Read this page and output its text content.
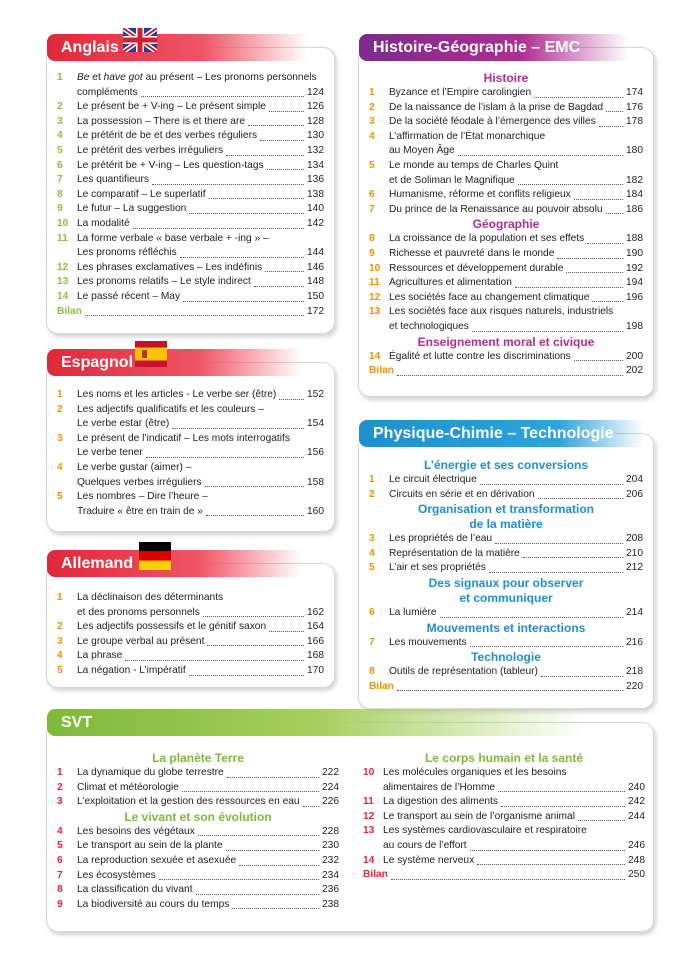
Anglais
1	Be et have got au présent – Les pronoms personnels
compléments	124
2	Le présent be + V-ing – Le présent simple	126
3	La possession – There is et there are	128
4	Le prétérit de be et des verbes réguliers	130
5	Le prétérit des verbes irréguliers	132
6	Le prétérit be + V-ing – Les question-tags	134
7	Les quantifieurs	136
8	Le comparatif – Le superlatif	138
9	Le futur – La suggestion	140
10 La modalité	142
11 La forme verbale « base verbale + -ing » –
Les pronoms réfléchis	144
12 Les phrases exclamatives – Les indéfinis	146
13 Les pronoms relatifs – Le style indirect	148
14 Le passé récent – May	150
Bilan	172
Espagnol
1	Les noms et les articles - Le verbe ser (être)	152
2	Les adjectifs qualificatifs et les couleurs –
Le verbe estar (être)	154
3	Le présent de l’indicatif – Les mots interrogatifs
Le verbe tener	156
4	Le verbe gustar (aimer) –
Quelques verbes irréguliers	158
5	Les nombres – Dire l’heure –
Traduire « être en train de »	160
Allemand
1	La déclinaison des déterminants
et des pronoms personnels	162
2	Les adjectifs possessifs et le génitif saxon	164
3	Le groupe verbal au présent	166
4	La phrase	168
5	La négation - L’impératif	170
Histoire-Géographie – EMC
Histoire
1	Byzance et l’Empire carolingien	174
2	De la naissance de l’islam à la prise de Bagdad 176
3	De la société féodale à l’émergence des villes	178
4	L’affirmation de l’État monarchique
au Moyen Âge	180
5	Le monde au temps de Charles Quint
et de Soliman le Magnifique	182
6	Humanisme, réforme et conflits religieux	184
7	Du prince de la Renaissance au pouvoir absolu 186
Géographie
8	La croissance de la population et ses effets	188
9	Richesse et pauvreté dans le monde	190
10 Ressources et développement durable	192
11 Agricultures et alimentation	194
12 Les sociétés face au changement climatique	196
13 Les sociétés face aux risques naturels, industriels
et technologiques	198
Enseignement moral et civique
14 Égalité et lutte contre les discriminations	200
Bilan	202
Physique-Chimie – Technologie
L’énergie et ses conversions
1	Le circuit électrique	204
2	Circuits en série et en dérivation	206
Organisation et transformation
de la matière
3	Les propriétés de l’eau	208
4	Représentation de la matière	210
5	L’air et ses propriétés	212
Des signaux pour observer
et communiquer
6	La lumière	214
Mouvements et interactions
7	Les mouvements	216
Technologie
8	Outils de représentation (tableur)	218
Bilan	220
SVT
La planète Terre
1	La dynamique du globe terrestre	222
2	Climat et météorologie	224
3	L’exploitation et la gestion des ressources en eau 226
Le vivant et son évolution
4	Les besoins des végétaux	228
5	Le transport au sein de la plante	230
6	La reproduction sexuée et asexuée	232
7	Les écosystèmes	234
8	La classification du vivant	236
9	La biodiversité au cours du temps	238
Le corps humain et la santé
10 Les molécules organiques et les besoins
alimentaires de l’Homme	240
11 La digestion des aliments	242
12 Le transport au sein de l’organisme animal	244
13 Les systèmes cardiovasculaire et respiratoire
au cours de l’effort	246
14 Le système nerveux	248
Bilan	250
